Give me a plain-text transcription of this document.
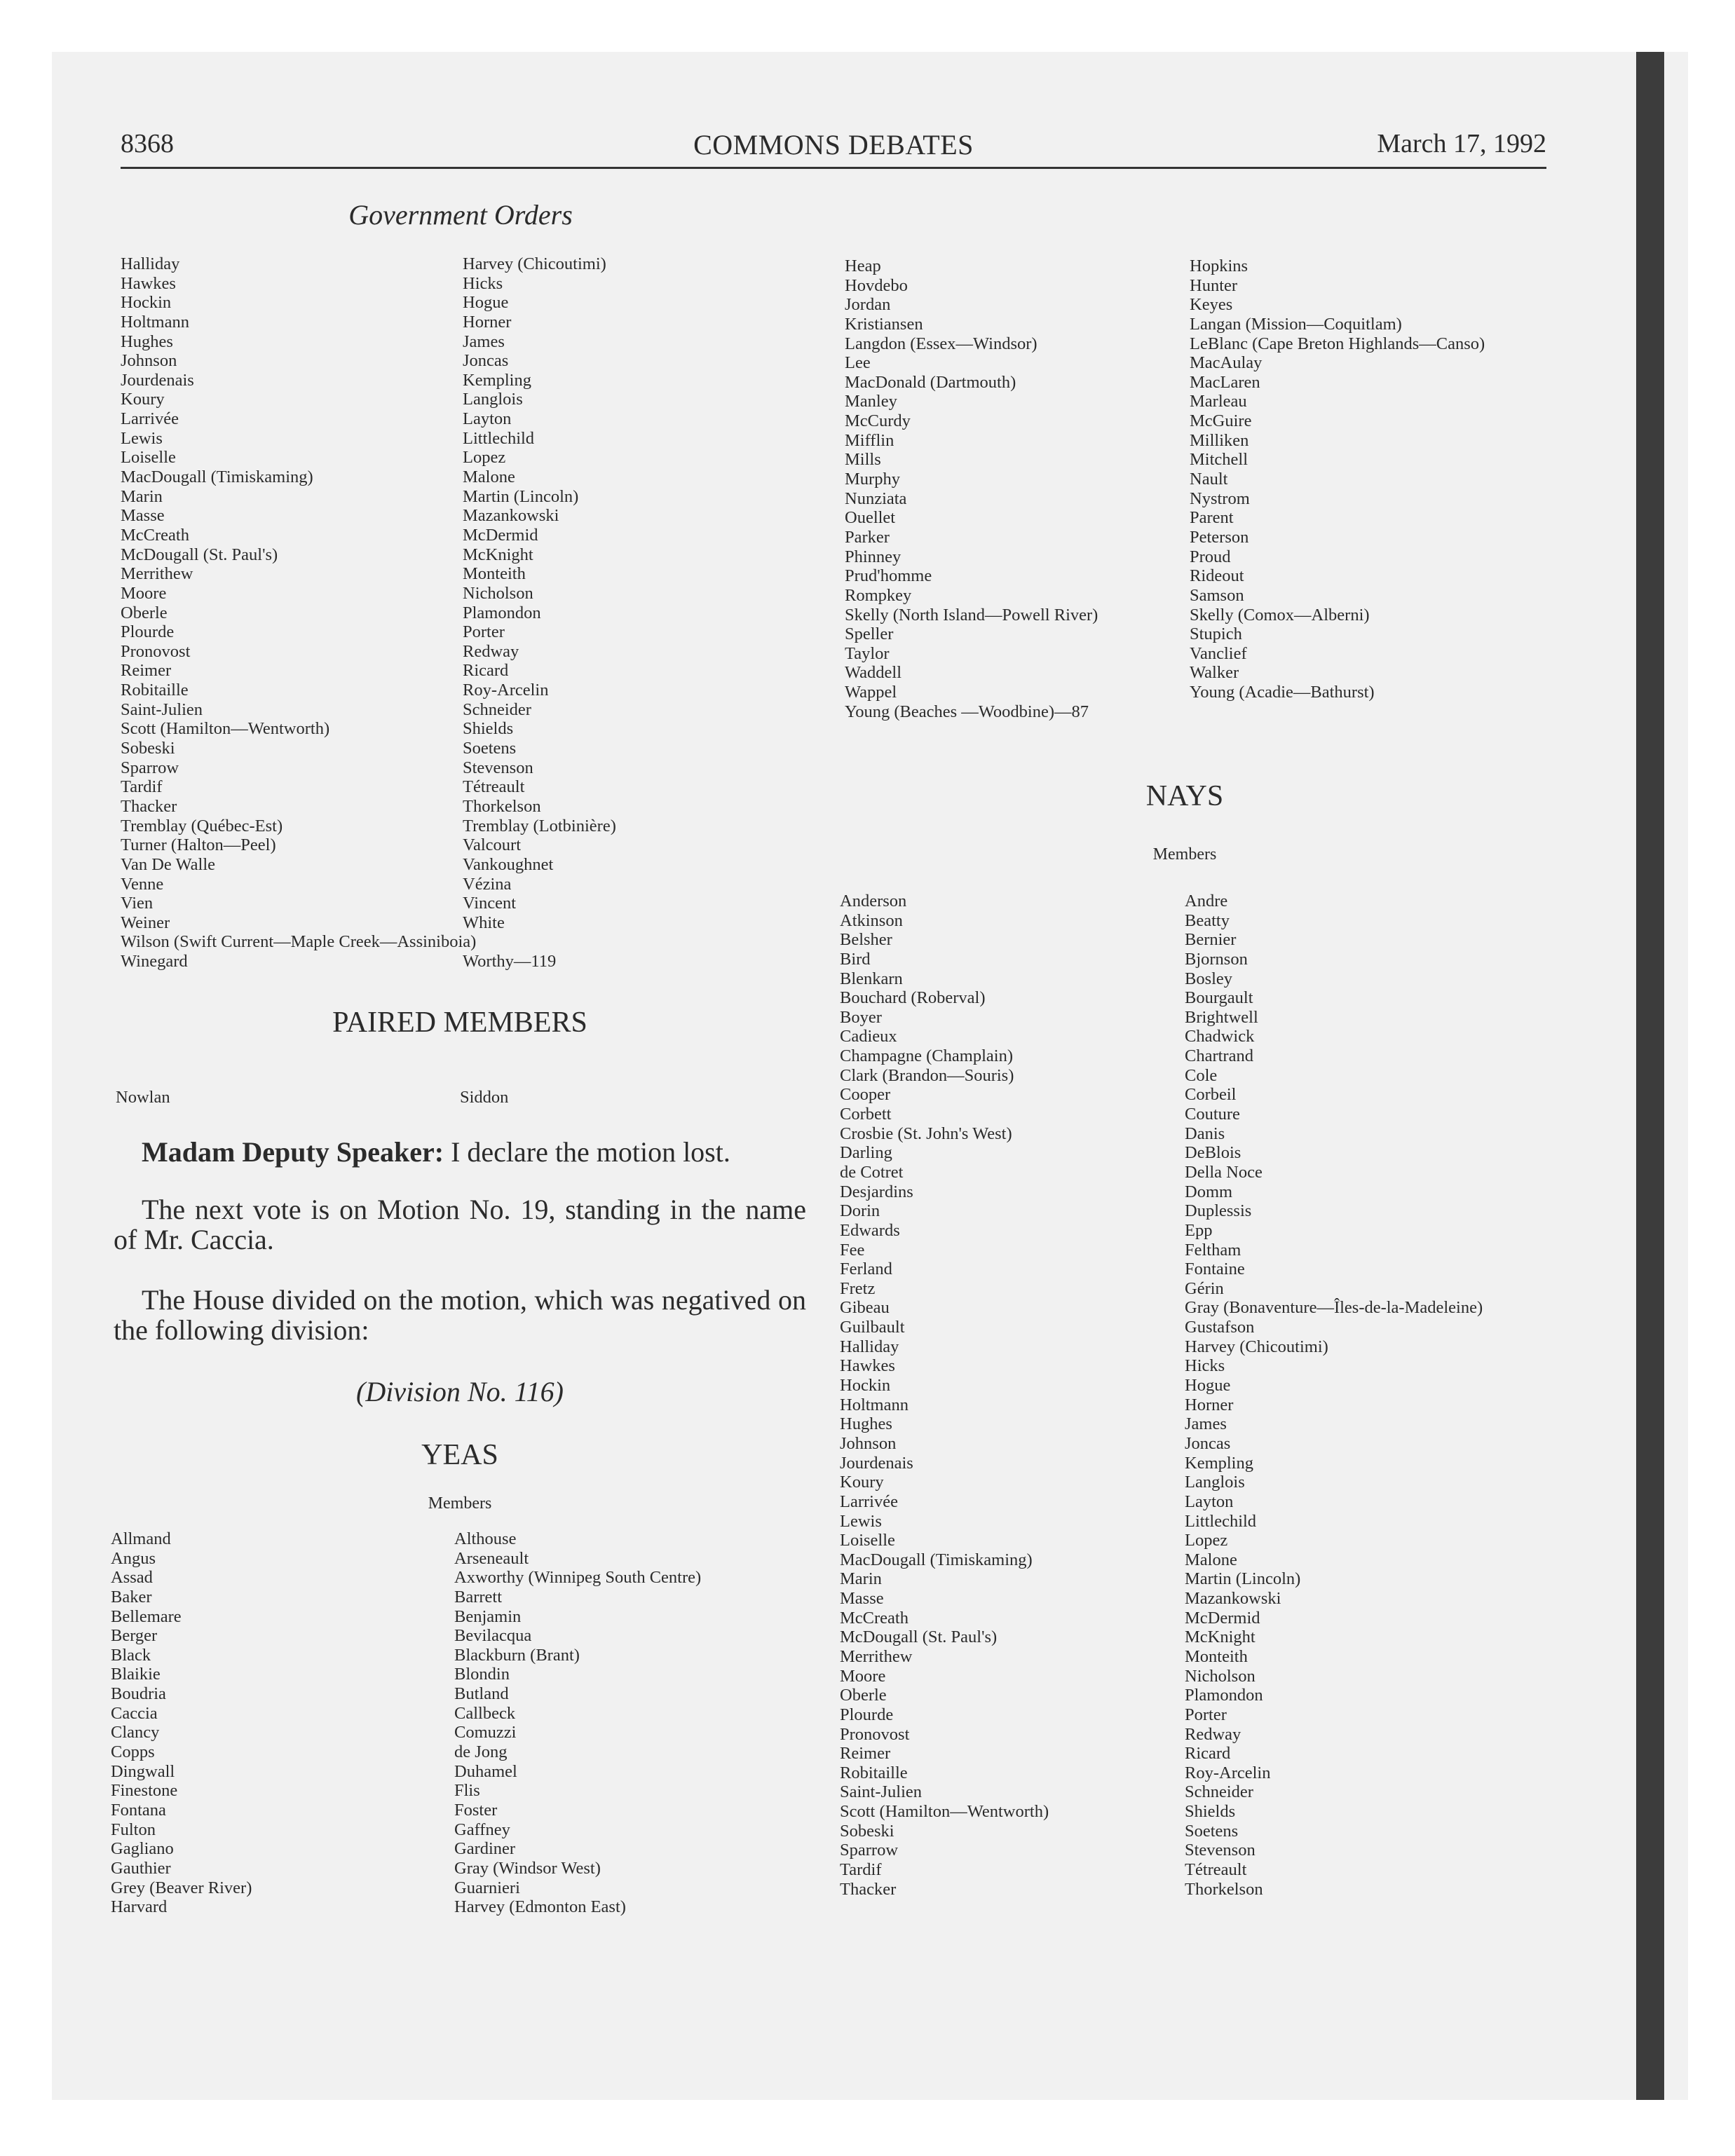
8368	COMMONS DEBATES	March 17, 1992
Government Orders
Halliday
Hawkes
Hockin
Holtmann
Hughes
Johnson
Jourdenais
Koury
Larrivée
Lewis
Loiselle
MacDougall (Timiskaming)
Marin
Masse
McCreath
McDougall (St. Paul's)
Merrithew
Moore
Oberle
Plourde
Pronovost
Reimer
Robitaille
Saint-Julien
Scott (Hamilton—Wentworth)
Sobeski
Sparrow
Tardif
Thacker
Tremblay (Québec-Est)
Turner (Halton—Peel)
Van De Walle
Venne
Vien
Weiner
Wilson (Swift Current—Maple Creek—Assiniboia)
Winegard
Harvey (Chicoutimi)
Hicks
Hogue
Horner
James
Joncas
Kempling
Langlois
Layton
Littlechild
Lopez
Malone
Martin (Lincoln)
Mazankowski
McDermid
McKnight
Monteith
Nicholson
Plamondon
Porter
Redway
Ricard
Roy-Arcelin
Schneider
Shields
Soetens
Stevenson
Tétreault
Thorkelson
Tremblay (Lotbinière)
Valcourt
Vankoughnet
Vézina
Vincent
White
Worthy—119
Heap
Hovdebo
Jordan
Kristiansen
Langdon (Essex—Windsor)
Lee
MacDonald (Dartmouth)
Manley
McCurdy
Mifflin
Mills
Murphy
Nunziata
Ouellet
Parker
Phinney
Prud'homme
Rompkey
Skelly (North Island—Powell River)
Speller
Taylor
Waddell
Wappel
Young (Beaches —Woodbine)—87
Hopkins
Hunter
Keyes
Langan (Mission—Coquitlam)
LeBlanc (Cape Breton Highlands—Canso)
MacAulay
MacLaren
Marleau
McGuire
Milliken
Mitchell
Nault
Nystrom
Parent
Peterson
Proud
Rideout
Samson
Skelly (Comox—Alberni)
Stupich
Vanclief
Walker
Young (Acadie—Bathurst)
PAIRED MEMBERS
Nowlan	Siddon
Madam Deputy Speaker: I declare the motion lost.
The next vote is on Motion No. 19, standing in the name of Mr. Caccia.
The House divided on the motion, which was negatived on the following division:
(Division No. 116)
YEAS
Members
Allmand
Angus
Assad
Baker
Bellemare
Berger
Black
Blaikie
Boudria
Caccia
Clancy
Copps
Dingwall
Finestone
Fontana
Fulton
Gagliano
Gauthier
Grey (Beaver River)
Harvard
Althouse
Arseneault
Axworthy (Winnipeg South Centre)
Barrett
Benjamin
Bevilacqua
Blackburn (Brant)
Blondin
Butland
Callbeck
Comuzzi
de Jong
Duhamel
Flis
Foster
Gaffney
Gardiner
Gray (Windsor West)
Guarnieri
Harvey (Edmonton East)
NAYS
Members
Anderson
Atkinson
Belsher
Bird
Blenkarn
Bouchard (Roberval)
Boyer
Cadieux
Champagne (Champlain)
Clark (Brandon—Souris)
Cooper
Corbett
Crosbie (St. John's West)
Darling
de Cotret
Desjardins
Dorin
Edwards
Fee
Ferland
Fretz
Gibeau
Guilbault
Halliday
Hawkes
Hockin
Holtmann
Hughes
Johnson
Jourdenais
Koury
Larrivée
Lewis
Loiselle
MacDougall (Timiskaming)
Marin
Masse
McCreath
McDougall (St. Paul's)
Merrithew
Moore
Oberle
Plourde
Pronovost
Reimer
Robitaille
Saint-Julien
Scott (Hamilton—Wentworth)
Sobeski
Sparrow
Tardif
Thacker
Andre
Beatty
Bernier
Bjornson
Bosley
Bourgault
Brightwell
Chadwick
Chartrand
Cole
Corbeil
Couture
Danis
DeBlois
Della Noce
Domm
Duplessis
Epp
Feltham
Fontaine
Gérin
Gray (Bonaventure—Îles-de-la-Madeleine)
Gustafson
Harvey (Chicoutimi)
Hicks
Hogue
Horner
James
Joncas
Kempling
Langlois
Layton
Littlechild
Lopez
Malone
Martin (Lincoln)
Mazankowski
McDermid
McKnight
Monteith
Nicholson
Plamondon
Porter
Redway
Ricard
Roy-Arcelin
Schneider
Shields
Soetens
Stevenson
Tétreault
Thorkelson
